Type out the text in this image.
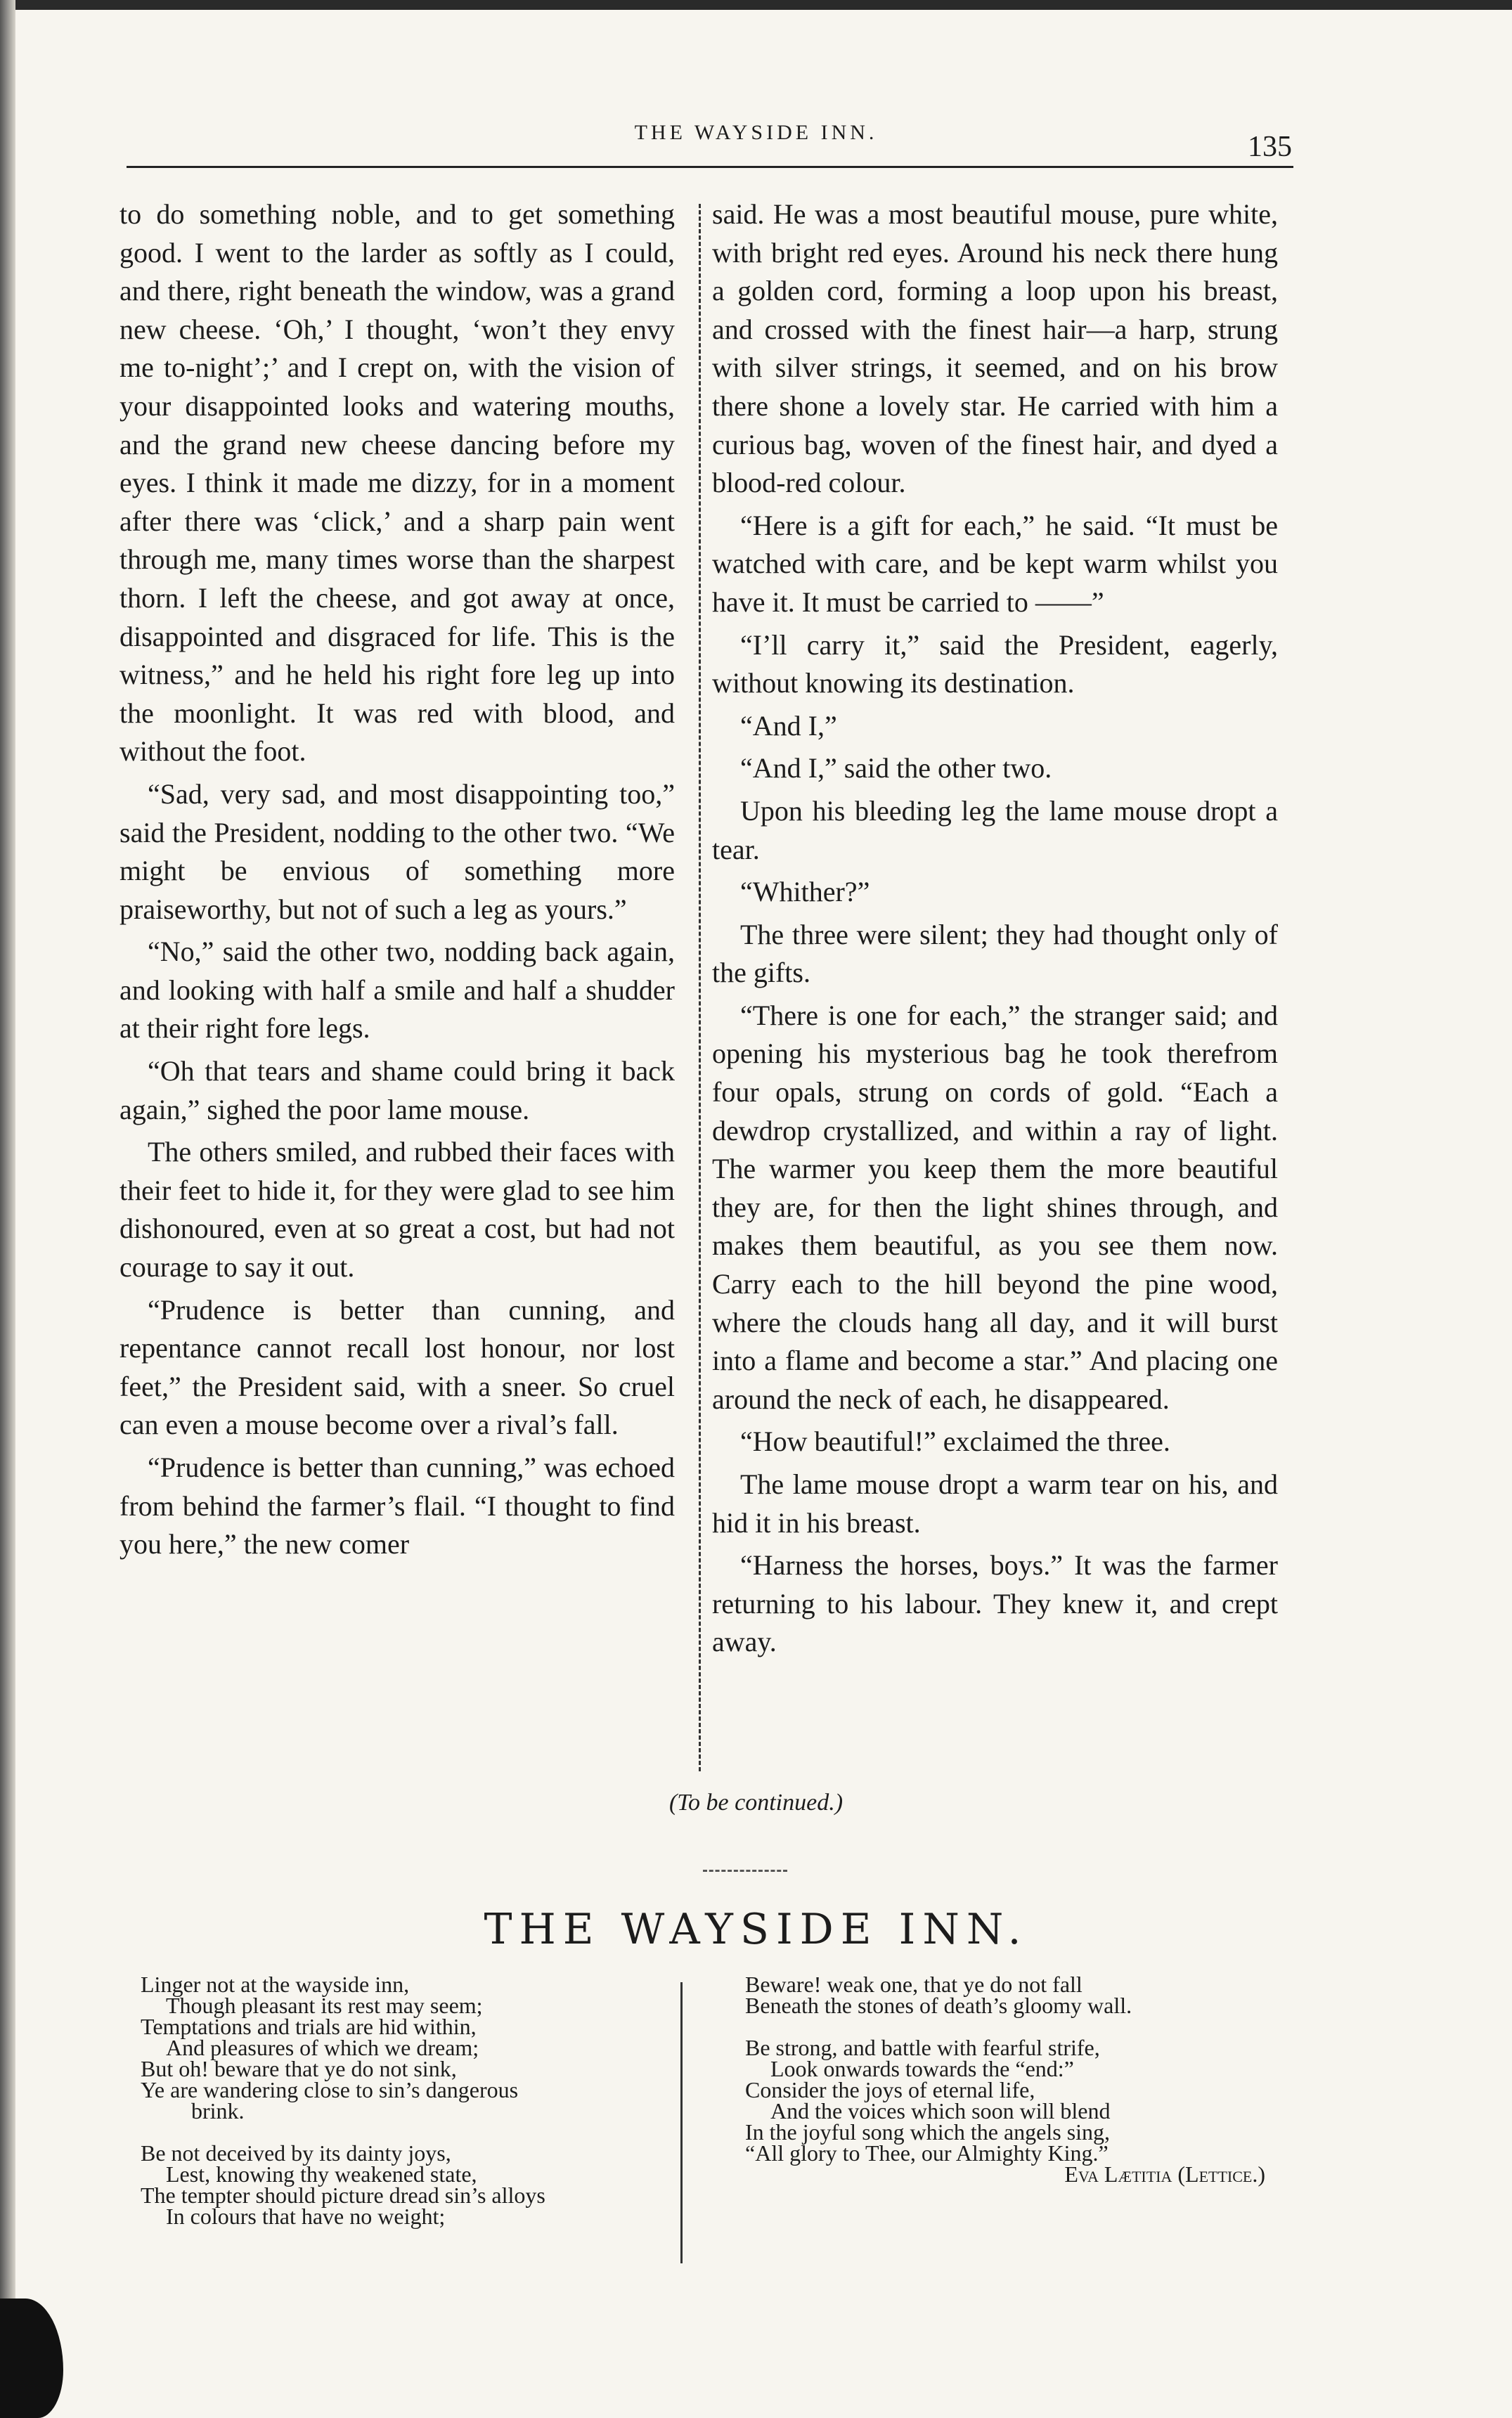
THE WAYSIDE INN.	135

to do something noble, and to get something good. I went to the larder as softly as I could, and there, right beneath the window, was a grand new cheese. ‘Oh,’ I thought, ‘won’t they envy me to-night’;’ and I crept on, with the vision of your disappointed looks and watering mouths, and the grand new cheese dancing before my eyes. I think it made me dizzy, for in a moment after there was ‘click,’ and a sharp pain went through me, many times worse than the sharpest thorn. I left the cheese, and got away at once, disappointed and disgraced for life. This is the witness,” and he held his right fore leg up into the moonlight. It was red with blood, and without the foot.

“Sad, very sad, and most disappointing too,” said the President, nodding to the other two. “We might be envious of something more praiseworthy, but not of such a leg as yours.”

“No,” said the other two, nodding back again, and looking with half a smile and half a shudder at their right fore legs.

“Oh that tears and shame could bring it back again,” sighed the poor lame mouse.

The others smiled, and rubbed their faces with their feet to hide it, for they were glad to see him dishonoured, even at so great a cost, but had not courage to say it out.

“Prudence is better than cunning, and repentance cannot recall lost honour, nor lost feet,” the President said, with a sneer. So cruel can even a mouse become over a rival’s fall.

“Prudence is better than cunning,” was echoed from behind the farmer’s flail. “I thought to find you here,” the new comer

said. He was a most beautiful mouse, pure white, with bright red eyes. Around his neck there hung a golden cord, forming a loop upon his breast, and crossed with the finest hair—a harp, strung with silver strings, it seemed, and on his brow there shone a lovely star. He carried with him a curious bag, woven of the finest hair, and dyed a blood-red colour.

“Here is a gift for each,” he said. “It must be watched with care, and be kept warm whilst you have it. It must be carried to ——”

“I’ll carry it,” said the President, eagerly, without knowing its destination.

“And I,”

“And I,” said the other two.

Upon his bleeding leg the lame mouse dropt a tear.

“Whither?”

The three were silent; they had thought only of the gifts.

“There is one for each,” the stranger said; and opening his mysterious bag he took therefrom four opals, strung on cords of gold. “Each a dewdrop crystallized, and within a ray of light. The warmer you keep them the more beautiful they are, for then the light shines through, and makes them beautiful, as you see them now. Carry each to the hill beyond the pine wood, where the clouds hang all day, and it will burst into a flame and become a star.” And placing one around the neck of each, he disappeared.

“How beautiful!” exclaimed the three.

The lame mouse dropt a warm tear on his, and hid it in his breast.

“Harness the horses, boys.” It was the farmer returning to his labour. They knew it, and crept away.

(To be continued.)
THE WAYSIDE INN.
Linger not at the wayside inn,
Though pleasant its rest may seem;
Temptations and trials are hid within,
And pleasures of which we dream;
But oh! beware that ye do not sink,
Ye are wandering close to sin’s dangerous
brink.
Be not deceived by its dainty joys,
Lest, knowing thy weakened state,
The tempter should picture dread sin’s alloys
In colours that have no weight;
Beware! weak one, that ye do not fall
Beneath the stones of death’s gloomy wall.
Be strong, and battle with fearful strife,
Look onwards towards the “end:”
Consider the joys of eternal life,
And the voices which soon will blend
In the joyful song which the angels sing,
“All glory to Thee, our Almighty King.”
Eva Lætitia (Lettice.)
